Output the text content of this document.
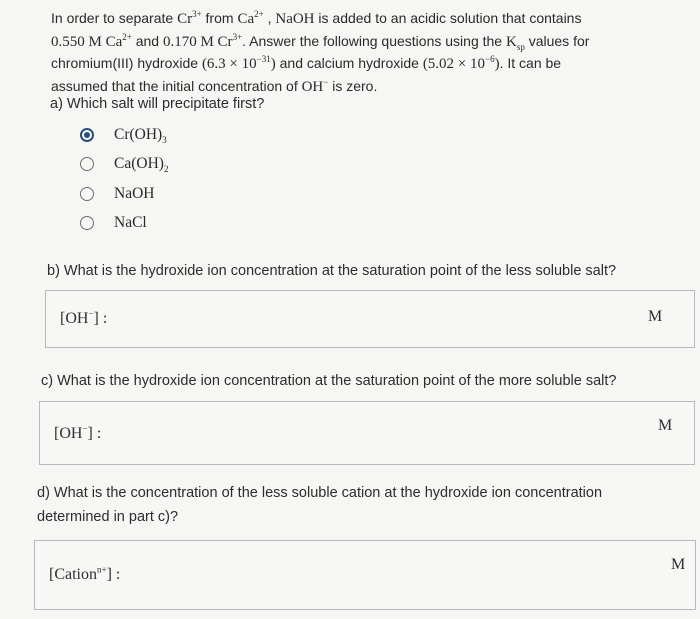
In order to separate $Cr^{3+}$ from $Ca^{2+}$ , NaOH is added to an acidic solution that contains
0.550 M $Ca^{2+}$ and 0.170 M $Cr^{3+}$. Answer the following questions using the $K_{sp}$ values for
chromium(III) hydroxide $(6.3 \times 10^{-31})$ and calcium hydroxide $(5.02 \times 10^{-6})$. It can be
assumed that the initial concentration of OH− is zero.
a) Which salt will precipitate first?
$Cr(OH)_3$
$Ca(OH)_2$
NaOH
NaCl
b) What is the hydroxide ion concentration at the saturation point of the less soluble salt?
[OH−] :	M
c) What is the hydroxide ion concentration at the saturation point of the more soluble salt?
[OH−] :	M
d) What is the concentration of the less soluble cation at the hydroxide ion concentration
determined in part c)?
[Cation$^{n+}$] :
M
